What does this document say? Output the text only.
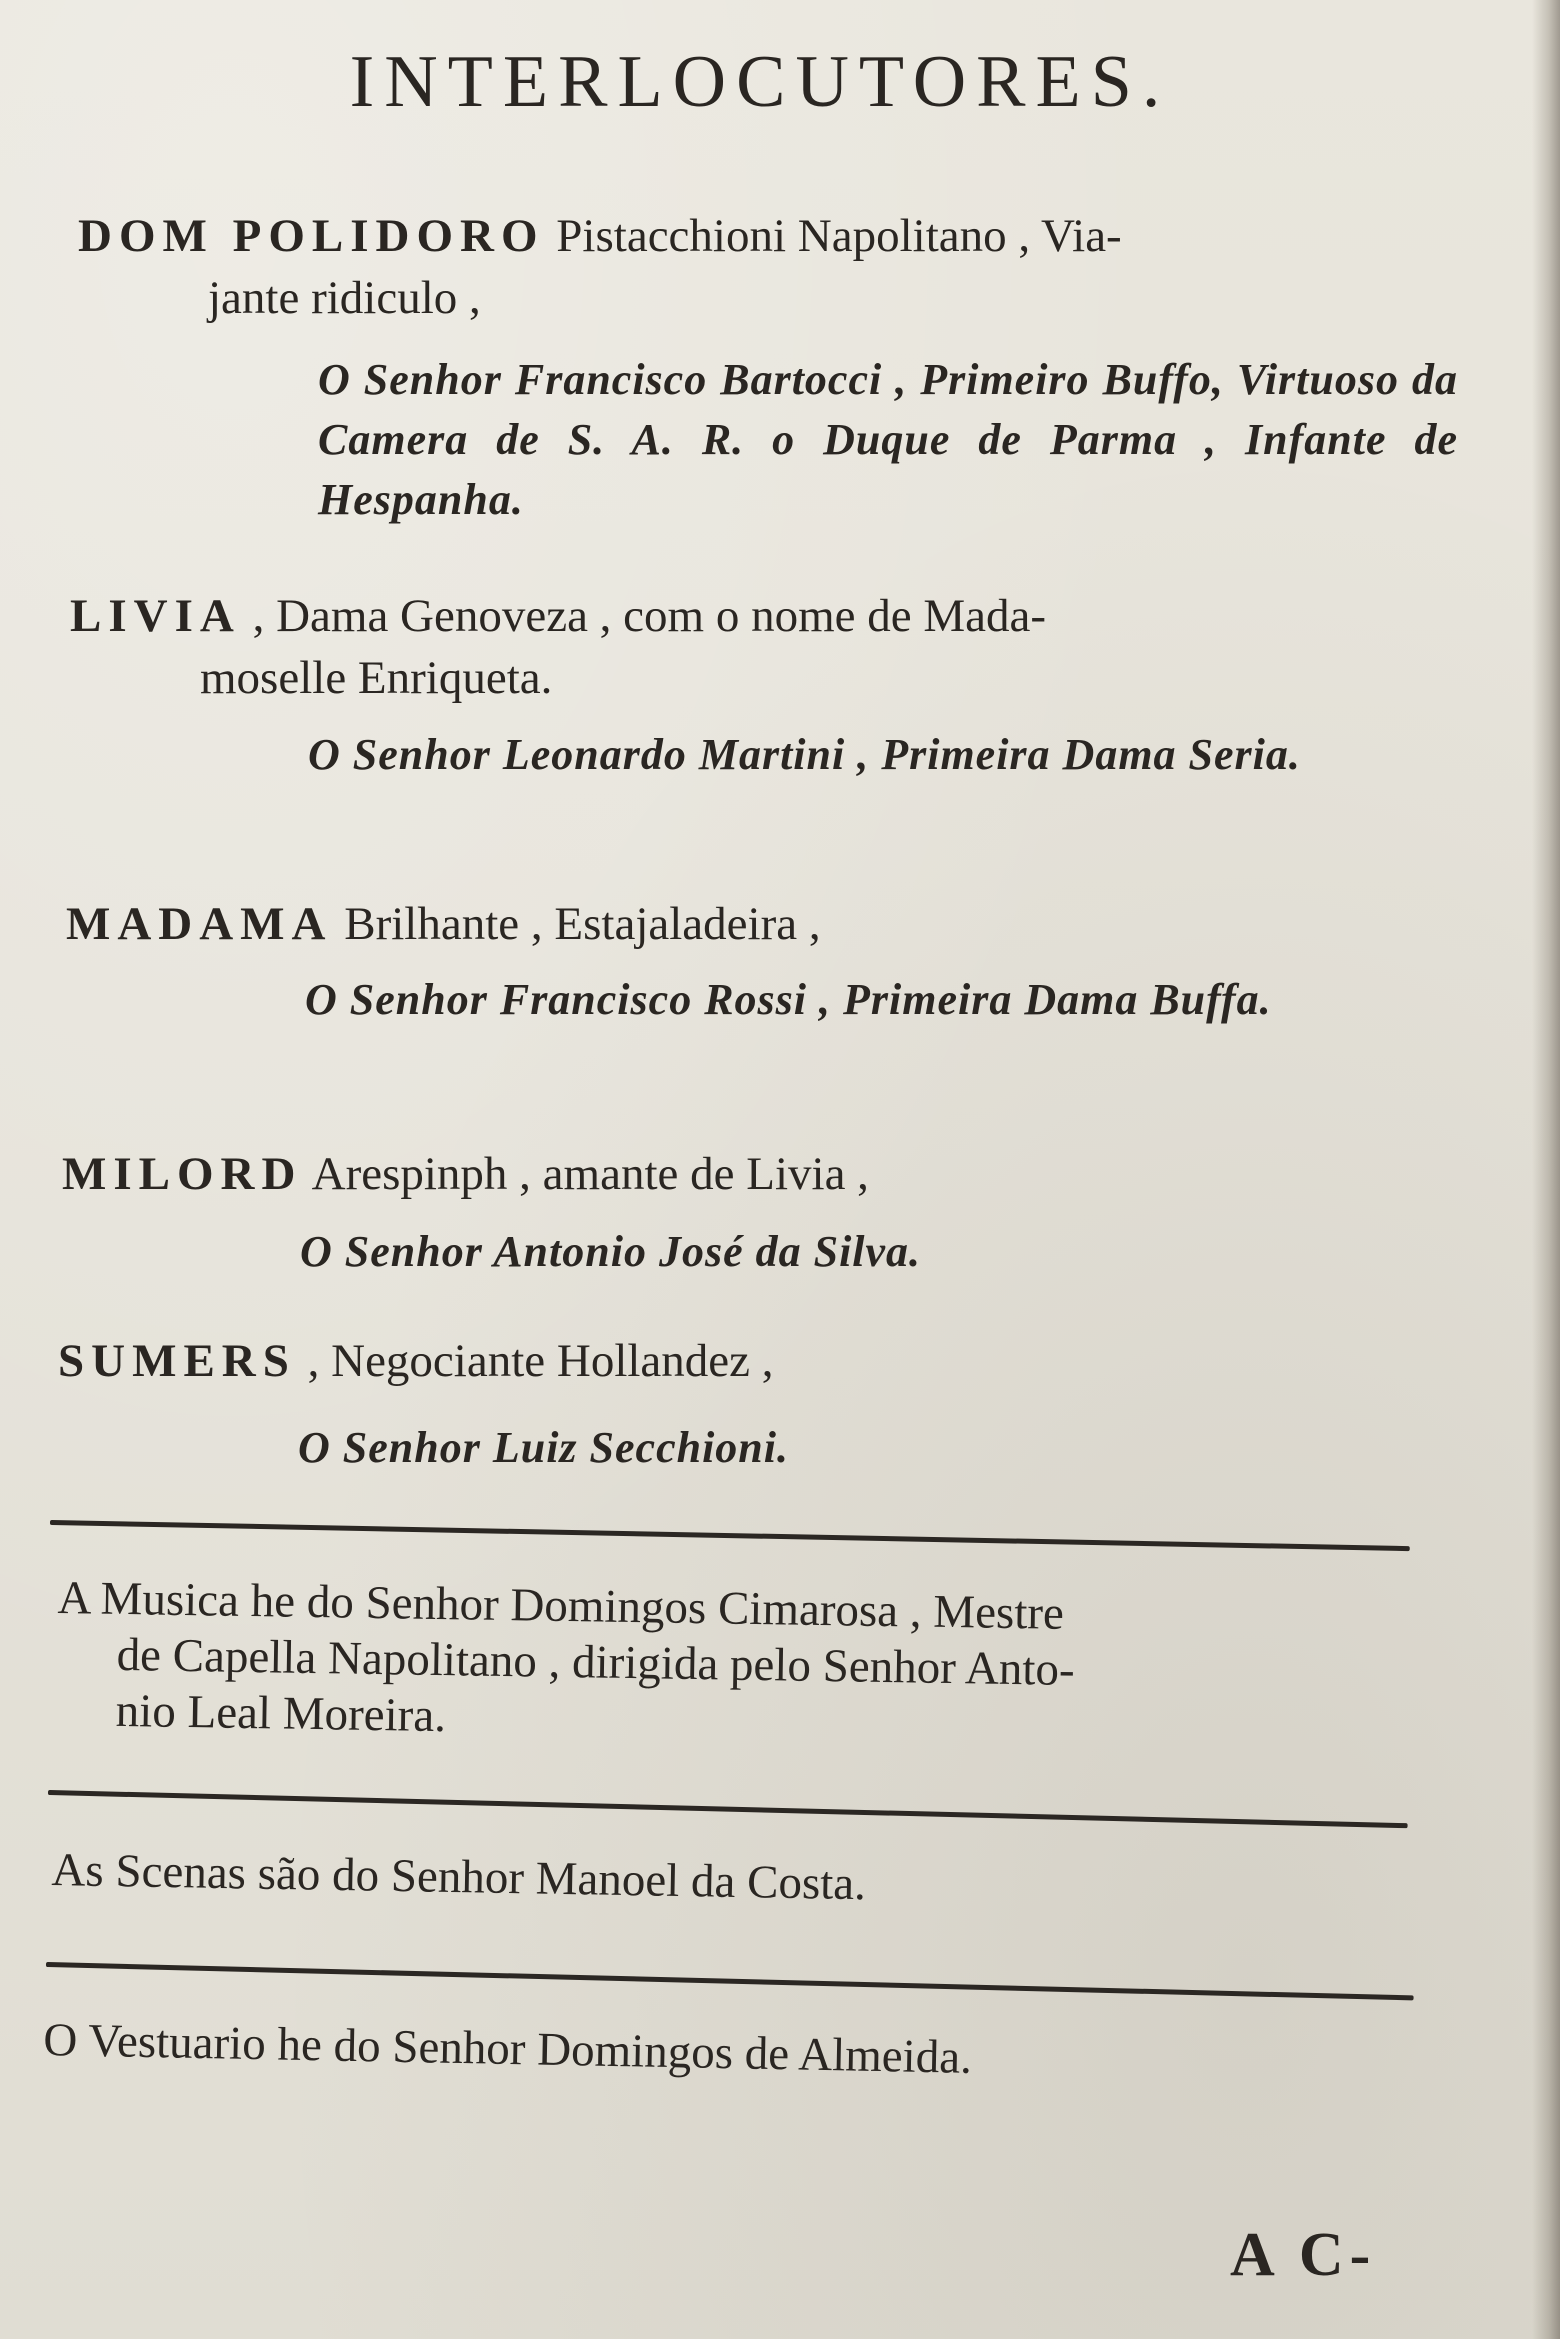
INTERLOCUTORES.
DOM POLIDORO Pistacchioni Napolitano , Via-
jante ridiculo ,
O Senhor Francisco Bartocci , Primeiro Buffo, Virtuoso da Camera de S. A. R. o Duque de Parma , Infante de Hespanha.
LIVIA , Dama Genoveza , com o nome de Mada-
moselle Enriqueta.
O Senhor Leonardo Martini , Primeira Dama Seria.
MADAMA Brilhante , Estajaladeira ,
O Senhor Francisco Rossi , Primeira Dama Buffa.
MILORD Arespinph , amante de Livia ,
O Senhor Antonio José da Silva.
SUMERS , Negociante Hollandez ,
O Senhor Luiz Secchioni.
A Musica he do Senhor Domingos Cimarosa , Mestre
de Capella Napolitano , dirigida pelo Senhor Anto-
nio Leal Moreira.
As Scenas são do Senhor Manoel da Costa.
O Vestuario he do Senhor Domingos de Almeida.
A C-
